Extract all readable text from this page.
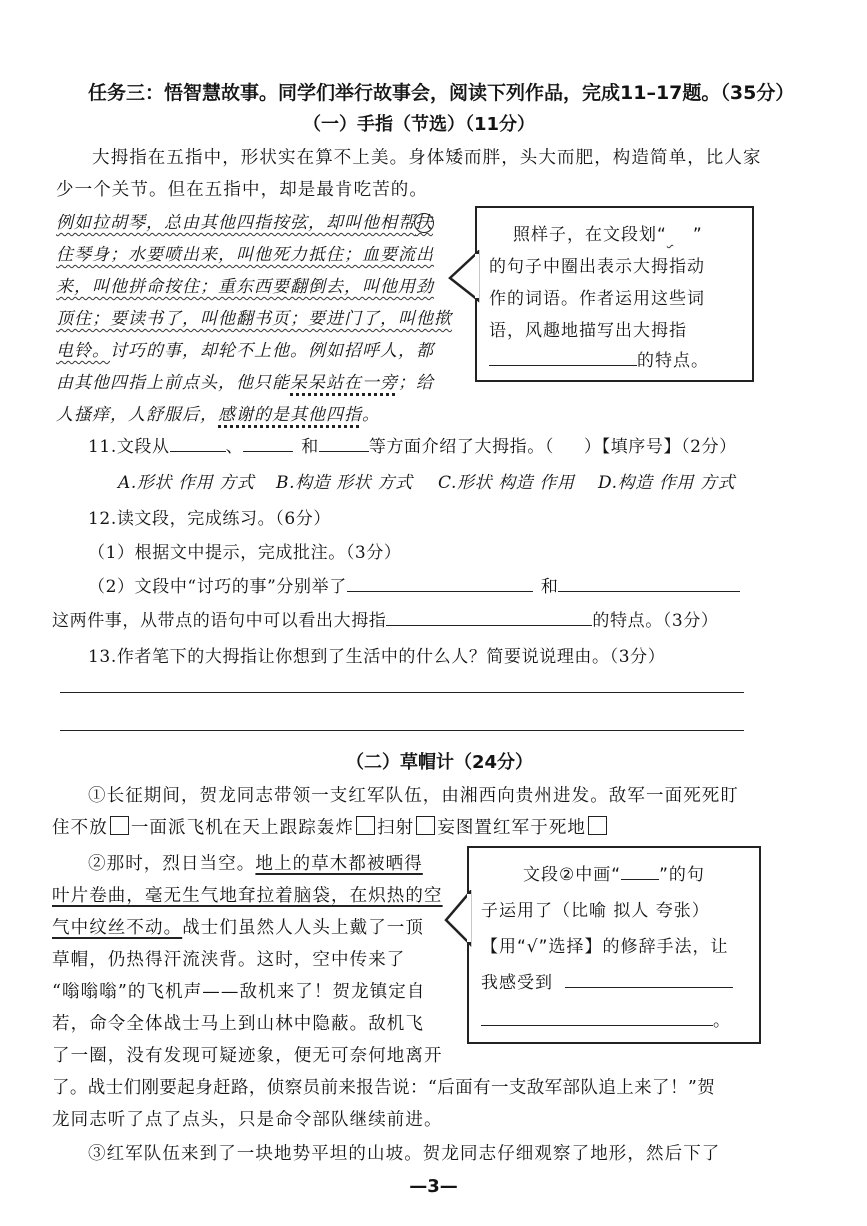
任务三：悟智慧故事。同学们举行故事会，阅读下列作品，完成11–17题。（35分）
（一）手指（节选）（11分）
大拇指在五指中，形状实在算不上美。身体矮而胖，头大而肥，构造简单，比人家
少一个关节。但在五指中，却是最肯吃苦的。
例如拉胡琴，总由其他四指按弦，却叫他相帮扶
住琴身；水要喷出来，叫他死力抵住；血要流出
来，叫他拼命按住；重东西要翻倒去，叫他用劲
顶住；要读书了，叫他翻书页；要进门了，叫他揿
电铃。讨巧的事，却轮不上他。例如招呼人，都
由其他四指上前点头，他只能呆呆站在一旁；给
人搔痒，人舒服后，感谢的是其他四指。
照样子，在文段划“ ”
的句子中圈出表示大拇指动
作的词语。作者运用这些词
语，风趣地描写出大拇指
的特点。
11.文段从	、	和	等方面介绍了大拇指。（ ）【填序号】（2分）
A.形状 作用 方式 B.构造 形状 方式 C.形状 构造 作用 D.构造 作用 方式
12.读文段，完成练习。（6分）
（1）根据文中提示，完成批注。（3分）
（2）文段中“讨巧的事”分别举了	和
这两件事，从带点的语句中可以看出大拇指	的特点。（3分）
13.作者笔下的大拇指让你想到了生活中的什么人？简要说说理由。（3分）
（二）草帽计（24分）
①长征期间，贺龙同志带领一支红军队伍，由湘西向贵州进发。敌军一面死死盯
住不放 一面派飞机在天上跟踪轰炸 扫射 妄图置红军于死地
②那时，烈日当空。地上的草木都被晒得
叶片卷曲，毫无生气地耷拉着脑袋，在炽热的空
气中纹丝不动。战士们虽然人人头上戴了一顶
草帽，仍热得汗流浃背。这时，空中传来了
“嗡嗡嗡”的飞机声——敌机来了！贺龙镇定自
若，命令全体战士马上到山林中隐蔽。敌机飞
了一圈，没有发现可疑迹象，便无可奈何地离开
了。战士们刚要起身赶路，侦察员前来报告说：“后面有一支敌军部队追上来了！”贺
龙同志听了点了点头，只是命令部队继续前进。
③红军队伍来到了一块地势平坦的山坡。贺龙同志仔细观察了地形，然后下了
文段②中画“ ”的句
子运用了（比喻 拟人 夸张）
【用“√”选择】的修辞手法，让
我感受到
。
—3—
